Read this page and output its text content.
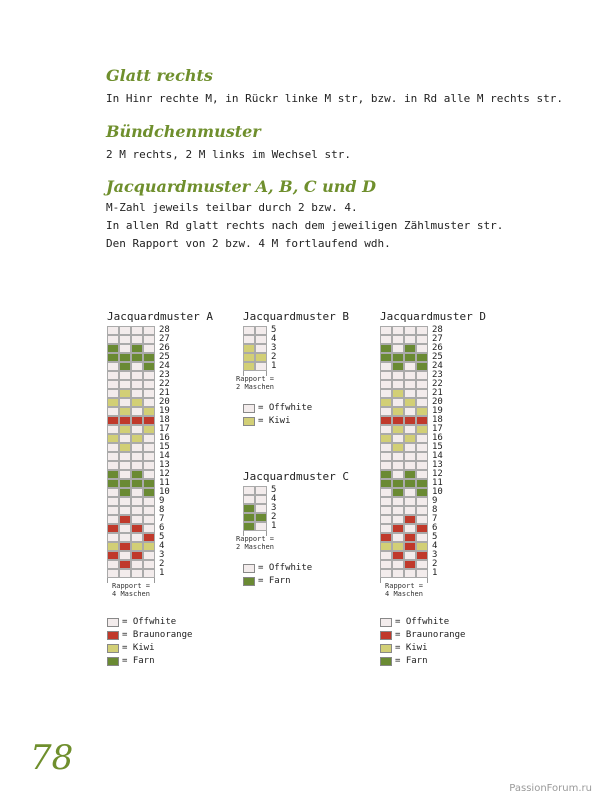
Glatt rechts

In Hinr rechte M, in Rückr linke M str, bzw. in Rd alle M rechts str.

Bündchenmuster

2 M rechts, 2 M links im Wechsel str.

Jacquardmuster A, B, C und D

M-Zahl jeweils teilbar durch 2 bzw. 4.

In allen Rd glatt rechts nach dem jeweiligen Zählmuster str.

Den Rapport von 2 bzw. 4 M fortlaufend wdh.

Jacquardmuster A
28
27
26
25
24
23
22
21
20
19
18
17
16
15
14
13
12
11
10
9
8
7
6
5
4
3
2
1
Rapport =
4 Maschen
= Offwhite
= Braunorange
= Kiwi
= Farn
Jacquardmuster B
5
4
3
2
1
Rapport =
2 Maschen
= Offwhite
= Kiwi
Jacquardmuster C
5
4
3
2
1
Rapport =
2 Maschen
= Offwhite
= Farn
Jacquardmuster D
28
27
26
25
24
23
22
21
20
19
18
17
16
15
14
13
12
11
10
9
8
7
6
5
4
3
2
1
Rapport =
4 Maschen
= Offwhite
= Braunorange
= Kiwi
= Farn

78

PassionForum.ru
